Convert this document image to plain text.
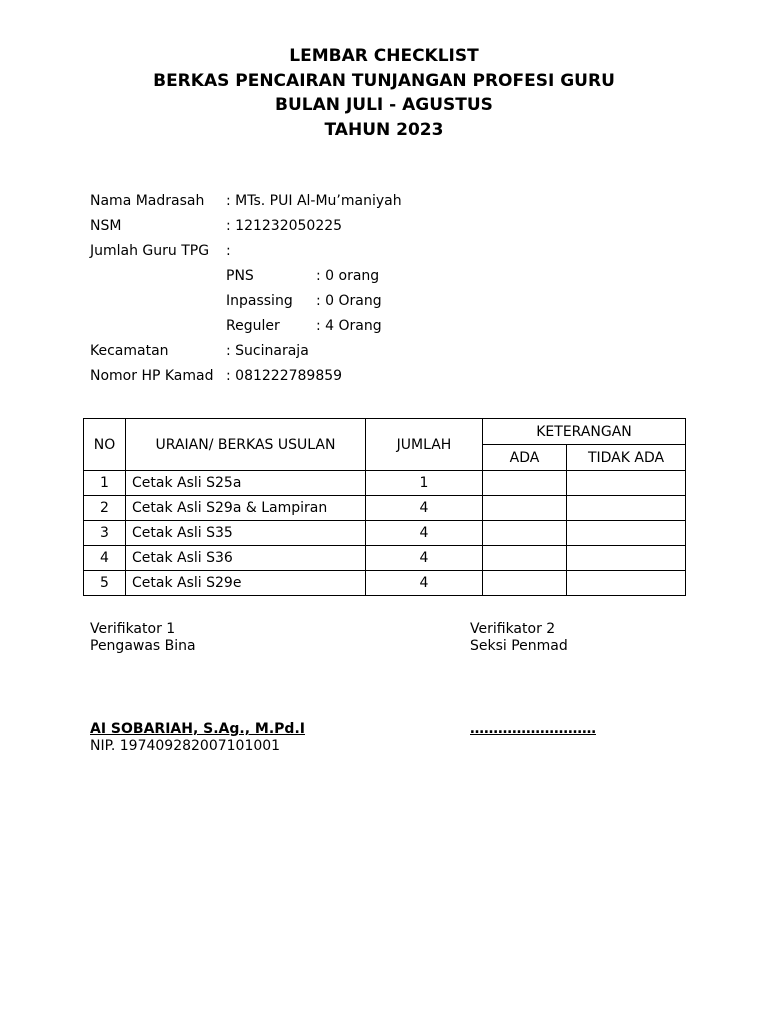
LEMBAR CHECKLIST
BERKAS PENCAIRAN TUNJANGAN PROFESI GURU
BULAN JULI - AGUSTUS
TAHUN 2023
Nama Madrasah : MTs. PUI Al-Mu’maniyah
NSM	: 121232050225
Jumlah Guru TPG :
PNS	: 0 orang
Inpassing : 0 Orang
Reguler	: 4 Orang
Kecamatan	: Sucinaraja
Nomor HP Kamad : 081222789859
NO	URAIAN/ BERKAS USULAN	JUMLAH	KETERANGAN	
			ADA	TIDAK ADA
1	Cetak Asli S25a	1		
2	Cetak Asli S29a & Lampiran	4		
3	Cetak Asli S35	4		
4	Cetak Asli S36	4		
5	Cetak Asli S29e	4		
Verifikator 1
Pengawas Bina
Verifikator 2
Seksi Penmad
AI SOBARIAH, S.Ag., M.Pd.I
NIP. 197409282007101001
………………………
